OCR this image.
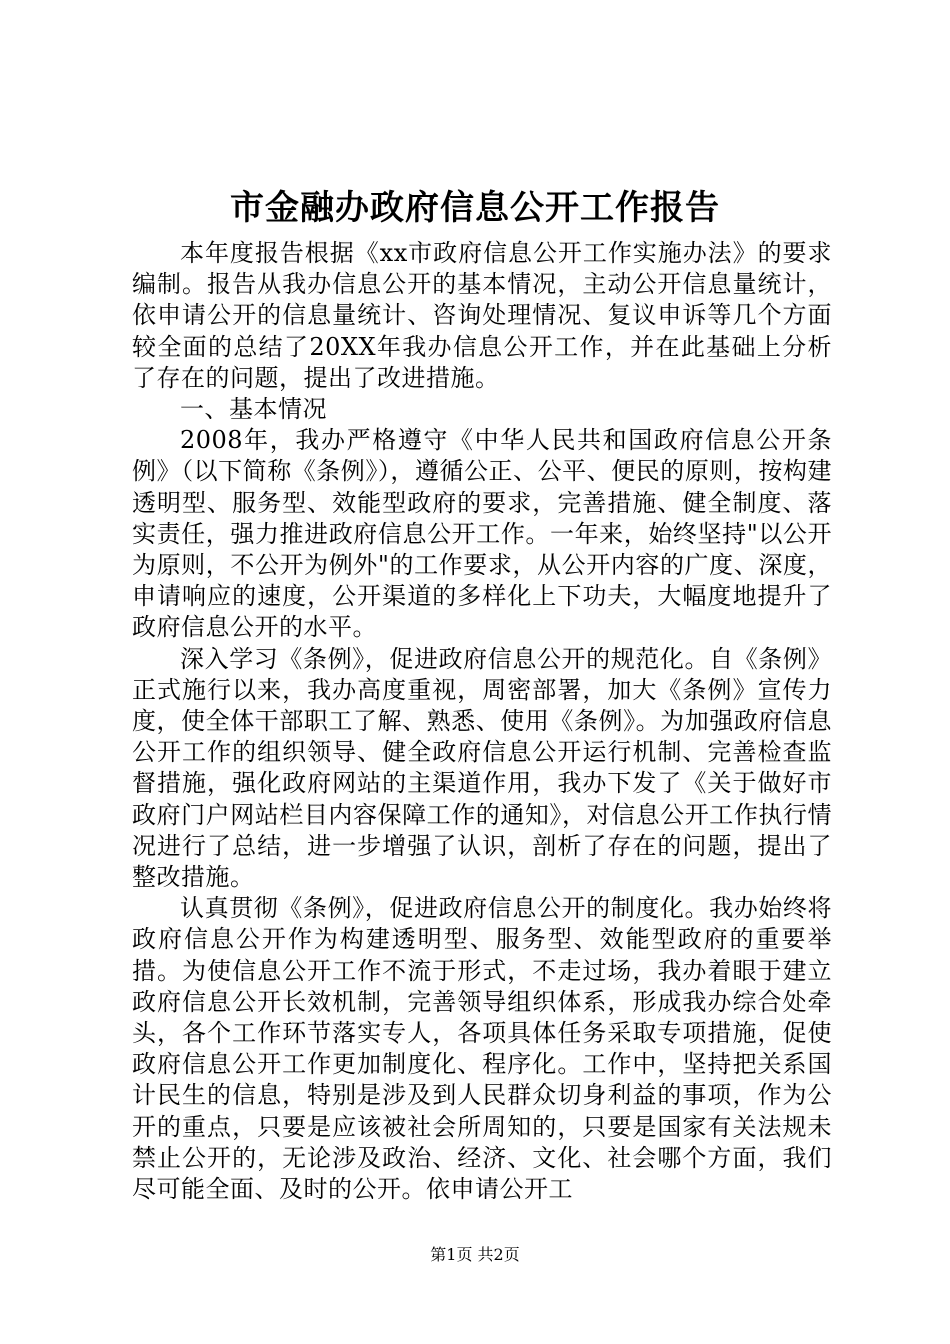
市金融办政府信息公开工作报告

本年度报告根据《xx市政府信息公开工作实施办法》的要求编制。报告从我办信息公开的基本情况，主动公开信息量统计，依申请公开的信息量统计、咨询处理情况、复议申诉等几个方面较全面的总结了20XX年我办信息公开工作，并在此基础上分析了存在的问题，提出了改进措施。

一、基本情况

2008年，我办严格遵守《中华人民共和国政府信息公开条例》（以下简称《条例》），遵循公正、公平、便民的原则，按构建透明型、服务型、效能型政府的要求，完善措施、健全制度、落实责任，强力推进政府信息公开工作。一年来，始终坚持"以公开为原则，不公开为例外"的工作要求，从公开内容的广度、深度，申请响应的速度，公开渠道的多样化上下功夫，大幅度地提升了政府信息公开的水平。

深入学习《条例》，促进政府信息公开的规范化。自《条例》正式施行以来，我办高度重视，周密部署，加大《条例》宣传力度，使全体干部职工了解、熟悉、使用《条例》。为加强政府信息公开工作的组织领导、健全政府信息公开运行机制、完善检查监督措施，强化政府网站的主渠道作用，我办下发了《关于做好市政府门户网站栏目内容保障工作的通知》，对信息公开工作执行情况进行了总结，进一步增强了认识，剖析了存在的问题，提出了整改措施。

认真贯彻《条例》，促进政府信息公开的制度化。我办始终将政府信息公开作为构建透明型、服务型、效能型政府的重要举措。为使信息公开工作不流于形式，不走过场，我办着眼于建立政府信息公开长效机制，完善领导组织体系，形成我办综合处牵头，各个工作环节落实专人，各项具体任务采取专项措施，促使政府信息公开工作更加制度化、程序化。工作中，坚持把关系国计民生的信息，特别是涉及到人民群众切身利益的事项，作为公开的重点，只要是应该被社会所周知的，只要是国家有关法规未禁止公开的，无论涉及政治、经济、文化、社会哪个方面，我们尽可能全面、及时的公开。依申请公开工

第1页 共2页
